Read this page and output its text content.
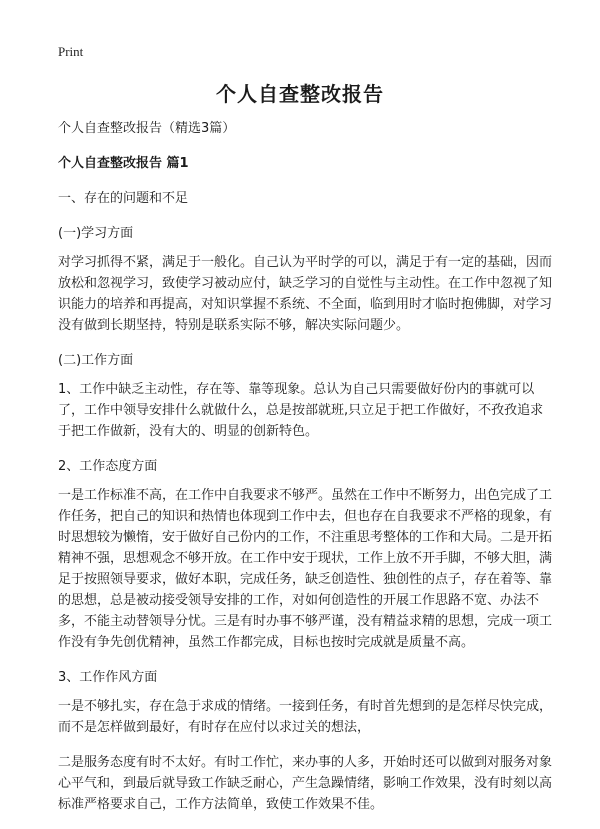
Print
个人自查整改报告

个人自查整改报告（精选3篇）

个人自查整改报告 篇1

一、存在的问题和不足

(一)学习方面

对学习抓得不紧，满足于一般化。自己认为平时学的可以，满足于有一定的基础，因而放松和忽视学习，致使学习被动应付，缺乏学习的自觉性与主动性。在工作中忽视了知识能力的培养和再提高，对知识掌握不系统、不全面，临到用时才临时抱佛脚，对学习没有做到长期坚持，特别是联系实际不够，解决实际问题少。

(二)工作方面

1、工作中缺乏主动性，存在等、靠等现象。总认为自己只需要做好份内的事就可以了，工作中领导安排什么就做什么，总是按部就班,只立足于把工作做好，不孜孜追求于把工作做新，没有大的、明显的创新特色。

2、工作态度方面

一是工作标准不高，在工作中自我要求不够严。虽然在工作中不断努力，出色完成了工作任务，把自己的知识和热情也体现到工作中去，但也存在自我要求不严格的现象，有时思想较为懒惰，安于做好自己份内的工作，不注重思考整体的工作和大局。二是开拓精神不强，思想观念不够开放。在工作中安于现状，工作上放不开手脚，不够大胆，满足于按照领导要求，做好本职，完成任务，缺乏创造性、独创性的点子，存在着等、靠的思想，总是被动接受领导安排的工作，对如何创造性的开展工作思路不宽、办法不多，不能主动替领导分忧。三是有时办事不够严谨，没有精益求精的思想，完成一项工作没有争先创优精神，虽然工作都完成，目标也按时完成就是质量不高。

3、工作作风方面

一是不够扎实，存在急于求成的情绪。一接到任务，有时首先想到的是怎样尽快完成，而不是怎样做到最好，有时存在应付以求过关的想法，

二是服务态度有时不太好。有时工作忙，来办事的人多，开始时还可以做到对服务对象心平气和，到最后就导致工作缺乏耐心，产生急躁情绪，影响工作效果，没有时刻以高标准严格要求自己，工作方法简单，致使工作效果不佳。
